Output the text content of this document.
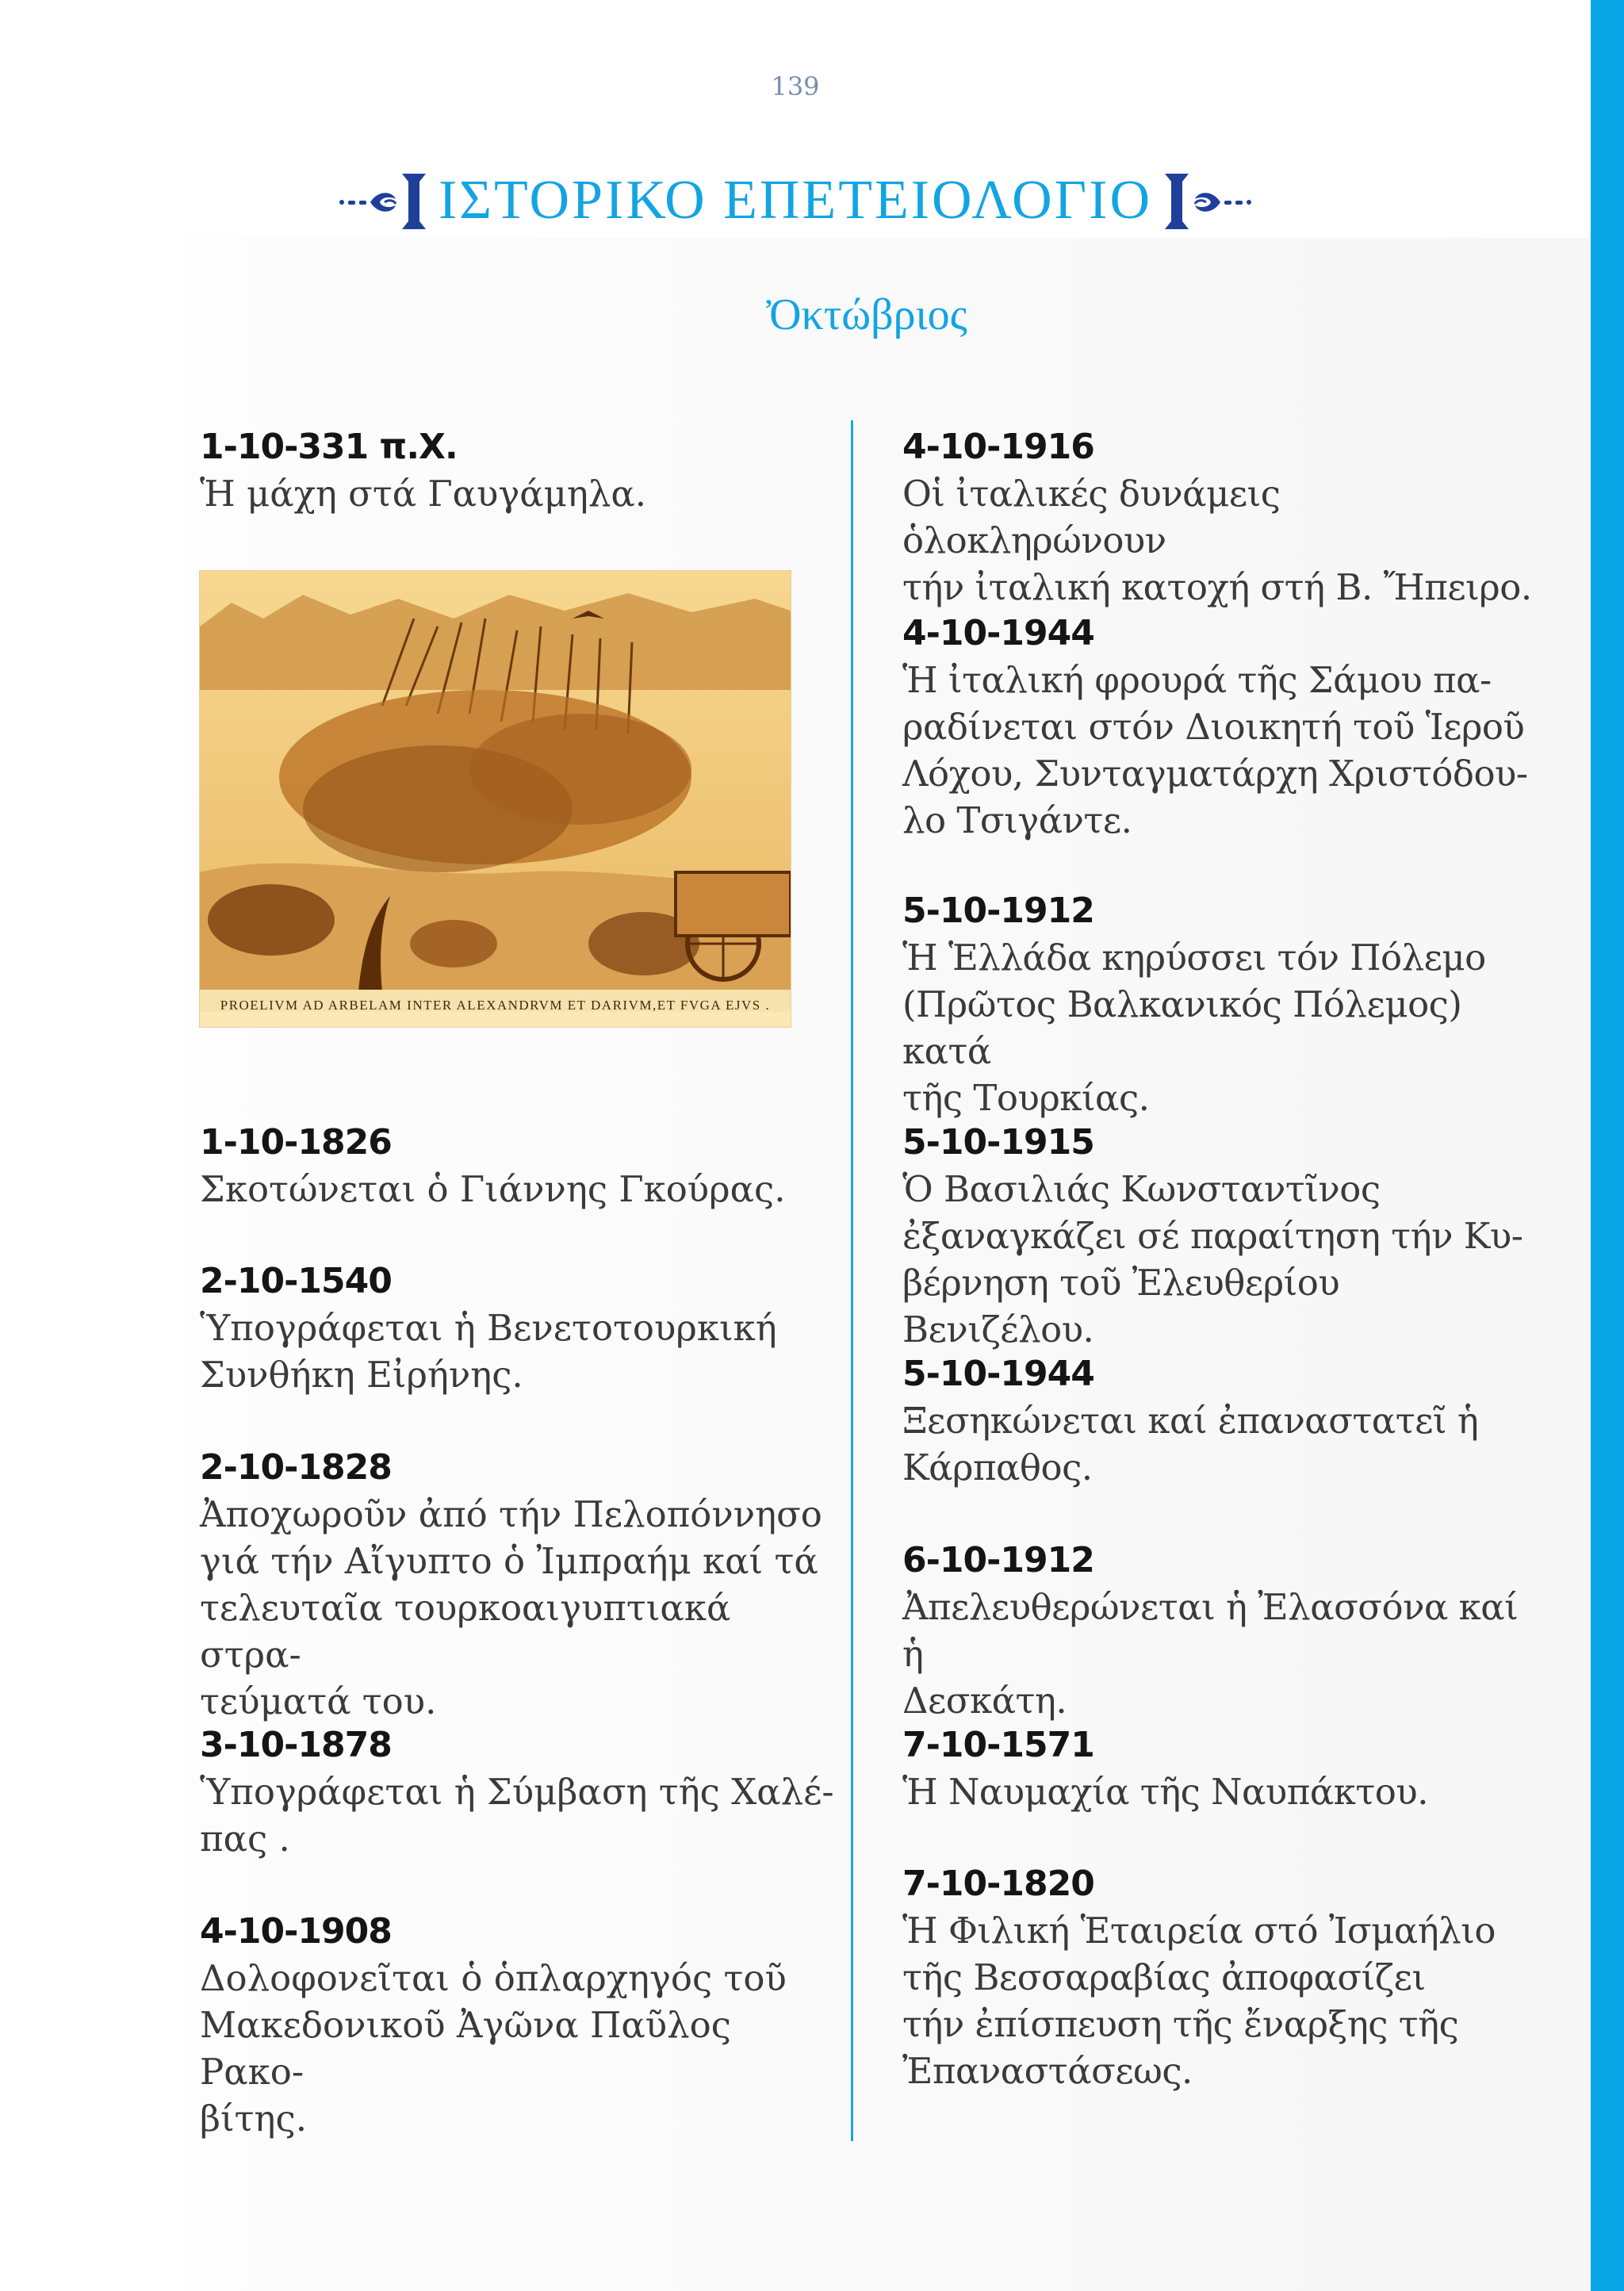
139
ΙΣΤΟΡΙΚΟ ΕΠΕΤΕΙΟΛΟΓΙΟ
Ὀκτώβριος
1-10-331 π.Χ.
Ἡ μάχη στά Γαυγάμηλα.
PROELIVM AD ARBELAM INTER ALEXANDRVM ET DARIVM,ET FVGA EJVS .
1-10-1826
Σκοτώνεται ὁ Γιάννης Γκούρας.
2-10-1540
Ὑπογράφεται ἡ Βενετοτουρκική
Συνθήκη Εἰρήνης.
2-10-1828
Ἀποχωροῦν ἀπό τήν Πελοπόννησο
γιά τήν Αἴγυπτο ὁ Ἰμπραήμ καί τά
τελευταῖα τουρκοαιγυπτιακά στρα-
τεύματά του.
3-10-1878
Ὑπογράφεται ἡ Σύμβαση τῆς Χαλέ-
πας .
4-10-1908
Δολοφονεῖται ὁ ὁπλαρχηγός τοῦ
Μακεδονικοῦ Ἀγῶνα Παῦλος Ρακο-
βίτης.
4-10-1916
Οἱ ἰταλικές δυνάμεις ὁλοκληρώνουν
τήν ἰταλική κατοχή στή Β. Ἤπειρο.
4-10-1944
Ἡ ἰταλική φρουρά τῆς Σάμου πα-
ραδίνεται στόν Διοικητή τοῦ Ἱεροῦ
Λόχου, Συνταγματάρχη Χριστόδου-
λο Τσιγάντε.
5-10-1912
Ἡ Ἑλλάδα κηρύσσει τόν Πόλεμο
(Πρῶτος Βαλκανικός Πόλεμος) κατά
τῆς Τουρκίας.
5-10-1915
Ὁ Βασιλιάς Κωνσταντῖνος
ἐξαναγκάζει σέ παραίτηση τήν Κυ-
βέρνηση τοῦ Ἐλευθερίου Βενιζέλου.
5-10-1944
Ξεσηκώνεται καί ἐπαναστατεῖ ἡ
Κάρπαθος.
6-10-1912
Ἀπελευθερώνεται ἡ Ἐλασσόνα καί ἡ
Δεσκάτη.
7-10-1571
Ἡ Ναυμαχία τῆς Ναυπάκτου.
7-10-1820
Ἡ Φιλική Ἑταιρεία στό Ἰσμαήλιο
τῆς Βεσσαραβίας ἀποφασίζει
τήν ἐπίσπευση τῆς ἔναρξης τῆς
Ἐπαναστάσεως.
